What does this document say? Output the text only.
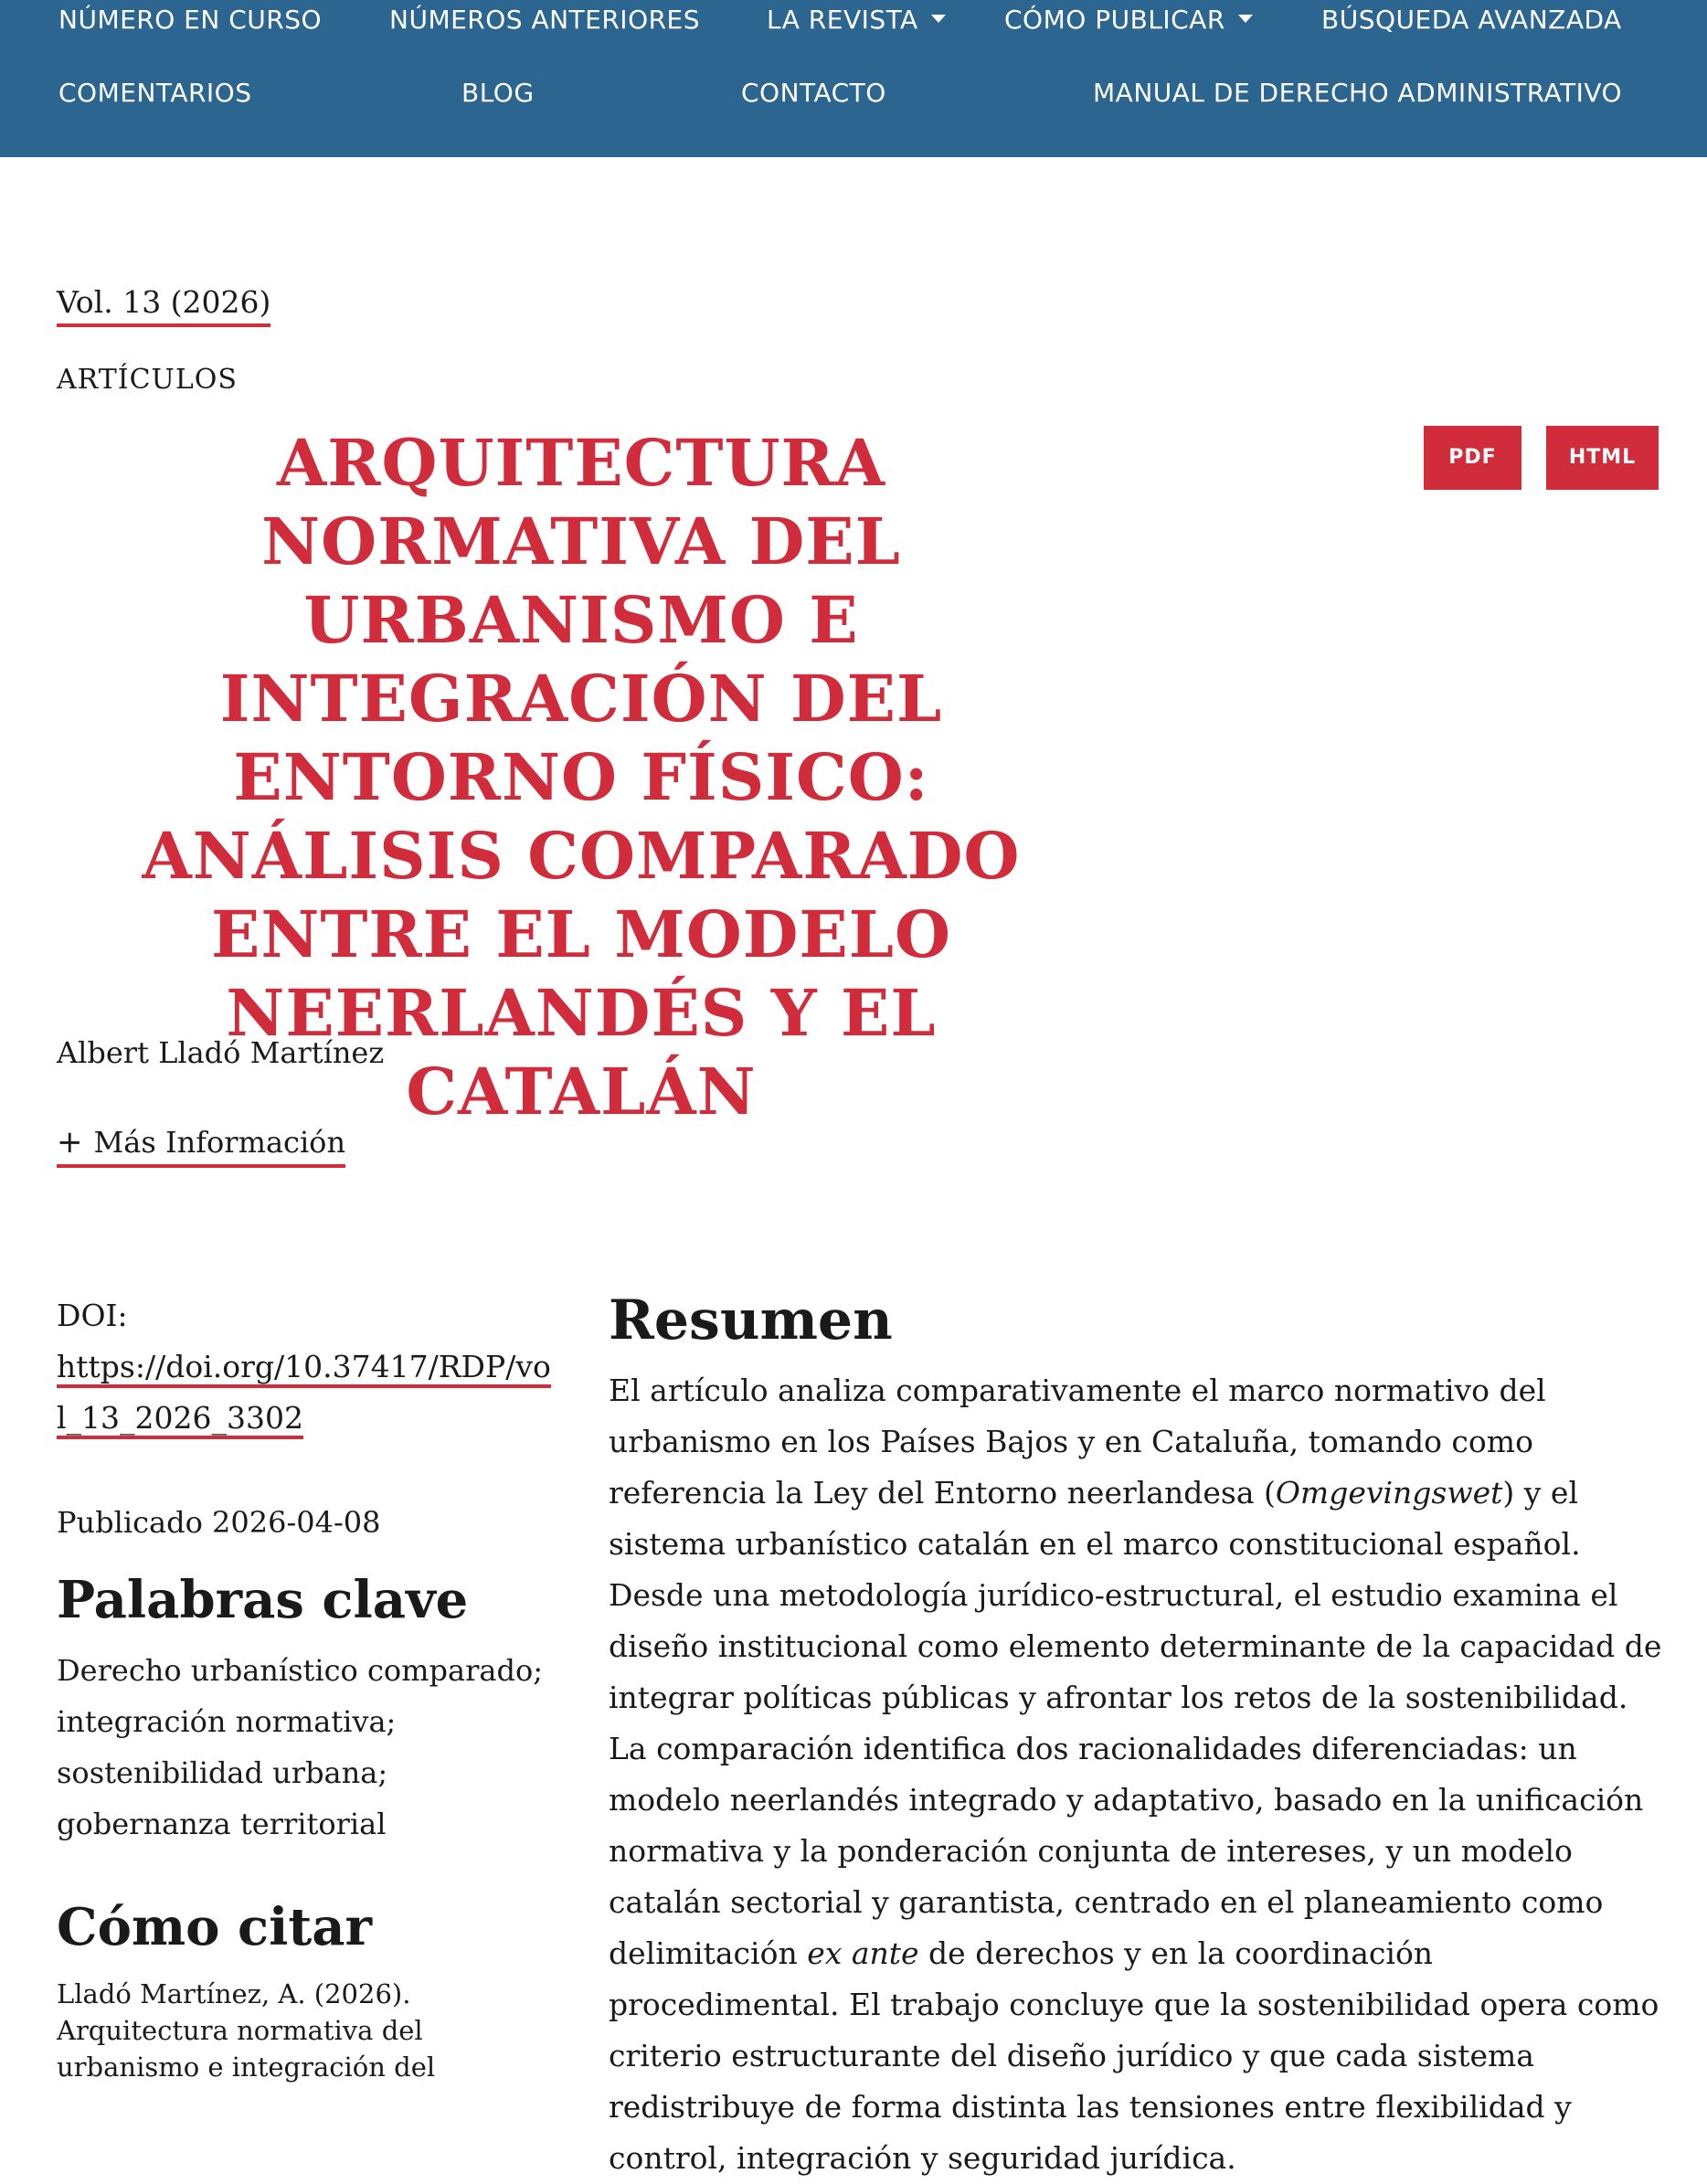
NÚMERO EN CURSO	NÚMEROS ANTERIORES	LA REVISTA	CÓMO PUBLICAR	BÚSQUEDA AVANZADA
COMENTARIOS	BLOG	CONTACTO	MANUAL DE DERECHO ADMINISTRATIVO
Vol. 13 (2026)
ARTÍCULOS
ARQUITECTURA NORMATIVA DEL URBANISMO E INTEGRACIÓN DEL ENTORNO FÍSICO: ANÁLISIS COMPARADO ENTRE EL MODELO NEERLANDÉS Y EL CATALÁN
PDF	HTML
Albert Lladó Martínez
+ Más Información
DOI:
https://doi.org/10.37417/RDP/vol_13_2026_3302
Publicado 2026-04-08
Palabras clave
Derecho urbanístico comparado;
integración normativa;
sostenibilidad urbana;
gobernanza territorial
Cómo citar
Lladó Martínez, A. (2026). Arquitectura normativa del urbanismo e integración del
Resumen

El artículo analiza comparativamente el marco normativo del urbanismo en los Países Bajos y en Cataluña, tomando como referencia la Ley del Entorno neerlandesa (Omgevingswet) y el sistema urbanístico catalán en el marco constitucional español. Desde una metodología jurídico-estructural, el estudio examina el diseño institucional como elemento determinante de la capacidad de integrar políticas públicas y afrontar los retos de la sostenibilidad. La comparación identifica dos racionalidades diferenciadas: un modelo neerlandés integrado y adaptativo, basado en la unificación normativa y la ponderación conjunta de intereses, y un modelo catalán sectorial y garantista, centrado en el planeamiento como delimitación ex ante de derechos y en la coordinación procedimental. El trabajo concluye que la sostenibilidad opera como criterio estructurante del diseño jurídico y que cada sistema redistribuye de forma distinta las tensiones entre flexibilidad y control, integración y seguridad jurídica.
